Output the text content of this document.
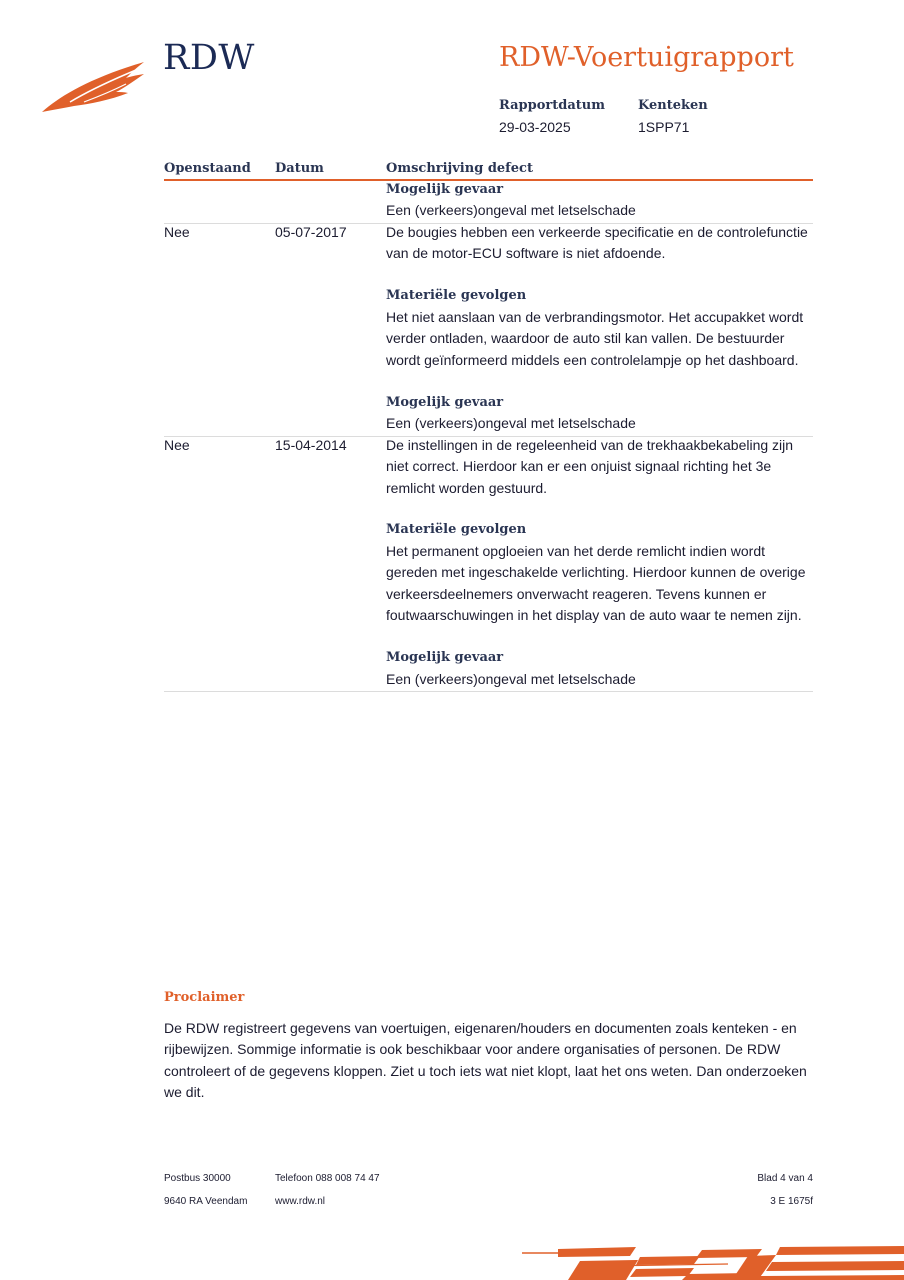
RDW	RDW-Voertuigrapport
Rapportdatum	Kenteken
29-03-2025	1SPP71
Openstaand Datum	Omschrijving defect
Mogelijk gevaar
Een (verkeers)ongeval met letselschade
Nee	05-07-2017	De bougies hebben een verkeerde specificatie en de controlefunctie
van de motor-ECU software is niet afdoende.
Materiële gevolgen
Het niet aanslaan van de verbrandingsmotor. Het accupakket wordt
verder ontladen, waardoor de auto stil kan vallen. De bestuurder
wordt geïnformeerd middels een controlelampje op het dashboard.
Mogelijk gevaar
Een (verkeers)ongeval met letselschade
Nee	15-04-2014	De instellingen in de regeleenheid van de trekhaakbekabeling zijn
niet correct. Hierdoor kan er een onjuist signaal richting het 3e
remlicht worden gestuurd.
Materiële gevolgen
Het permanent opgloeien van het derde remlicht indien wordt
gereden met ingeschakelde verlichting. Hierdoor kunnen de overige
verkeersdeelnemers onverwacht reageren. Tevens kunnen er
foutwaarschuwingen in het display van de auto waar te nemen zijn.
Mogelijk gevaar
Een (verkeers)ongeval met letselschade
Proclaimer
De RDW registreert gegevens van voertuigen, eigenaren/houders en documenten zoals kenteken - en
rijbewijzen. Sommige informatie is ook beschikbaar voor andere organisaties of personen. De RDW
controleert of de gegevens kloppen. Ziet u toch iets wat niet klopt, laat het ons weten. Dan onderzoeken
we dit.
Postbus 30000
9640 RA Veendam
Telefoon 088 008 74 47
www.rdw.nl
Blad 4 van 4
3 E 1675f
